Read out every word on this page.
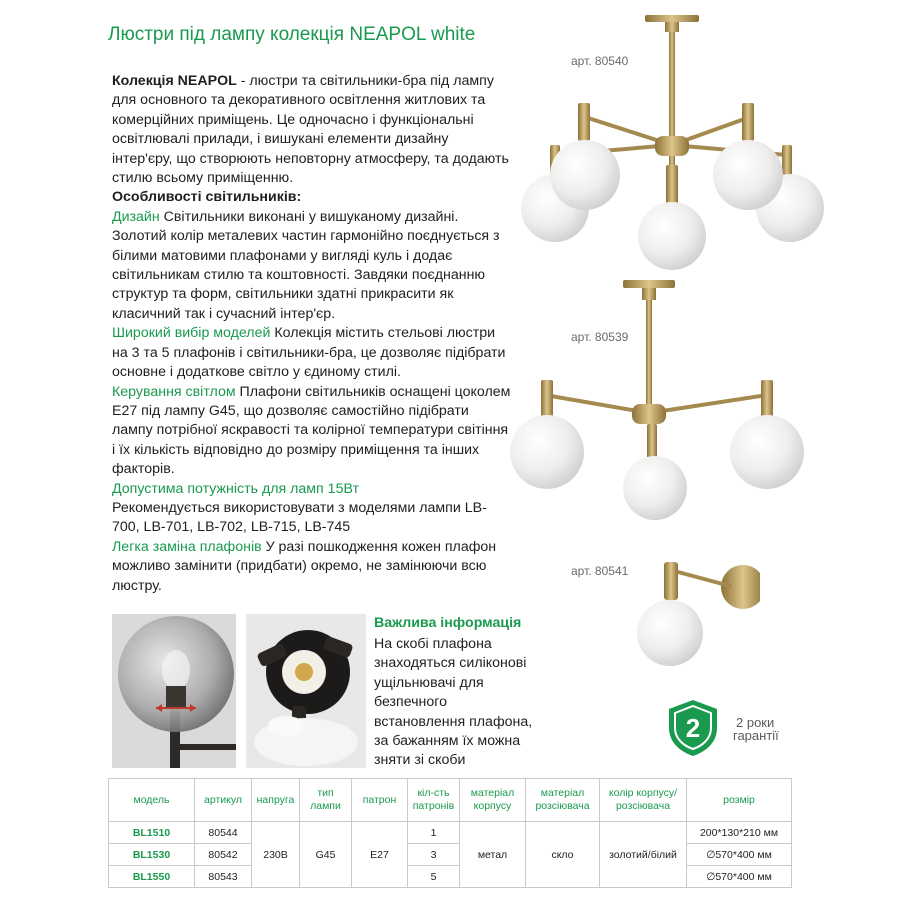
Люстри під лампу колекція NEAPOL white
арт. 80540
арт. 80539
арт. 80541

Колекція NEAPOL - люстри та світильники-бра під лампу для основного та декоративного освітлення житлових та комерційних приміщень. Це одночасно і функціональні освітлювалі прилади, і вишукані елементи дизайну інтер'єру, що створюють неповторну атмосферу, та додають стилю всьому приміщенню.

Особливості світильників:

Дизайн Світильники виконані у вишуканому дизайні. Золотий колір металевих частин гармонійно поєднується з білими матовими плафонами у вигляді куль і додає світильникам стилю та коштовності. Завдяки поєднанню структур та форм, світильники здатні прикрасити як класичний так і сучасний інтер'єр.

Широкий вибір моделей Колекція містить стельові люстри на 3 та 5 плафонів і світильники-бра, це дозволяє підібрати основне і додаткове світло у єдиному стилі.

Керування світлом Плафони світильників оснащені цоколем Е27 під лампу G45, що дозволяє самостійно підібрати лампу потрібної яскравості та колірної температури світіння і їх кількість відповідно до розміру приміщення та інших факторів.

Допустима потужність для ламп 15Вт

Рекомендується використовувати з моделями лампи LB-700, LB-701, LB-702, LB-715, LB-745

Легка заміна плафонів У разі пошкодження кожен плафон можливо замінити (придбати) окремо, не замінюючи всю люстру.

Важлива інформація
На скобі плафона знаходяться силіконові ущільнювачі для безпечного встановлення плафона, за бажанням їх можна зняти зі скоби
2	2 роки
гарантії
модель	артикул	напруга	тип лампи	патрон	кіл-сть патронів	матеріал корпусу	матеріал розсіювача	колір корпусу/ розсіювача	розмір
BL1510	80544	230В	G45	E27	1	метал	скло	золотий/білий	200*130*210 мм
BL1530	80542				3				∅570*400 мм
BL1550	80543				5				∅570*400 мм
